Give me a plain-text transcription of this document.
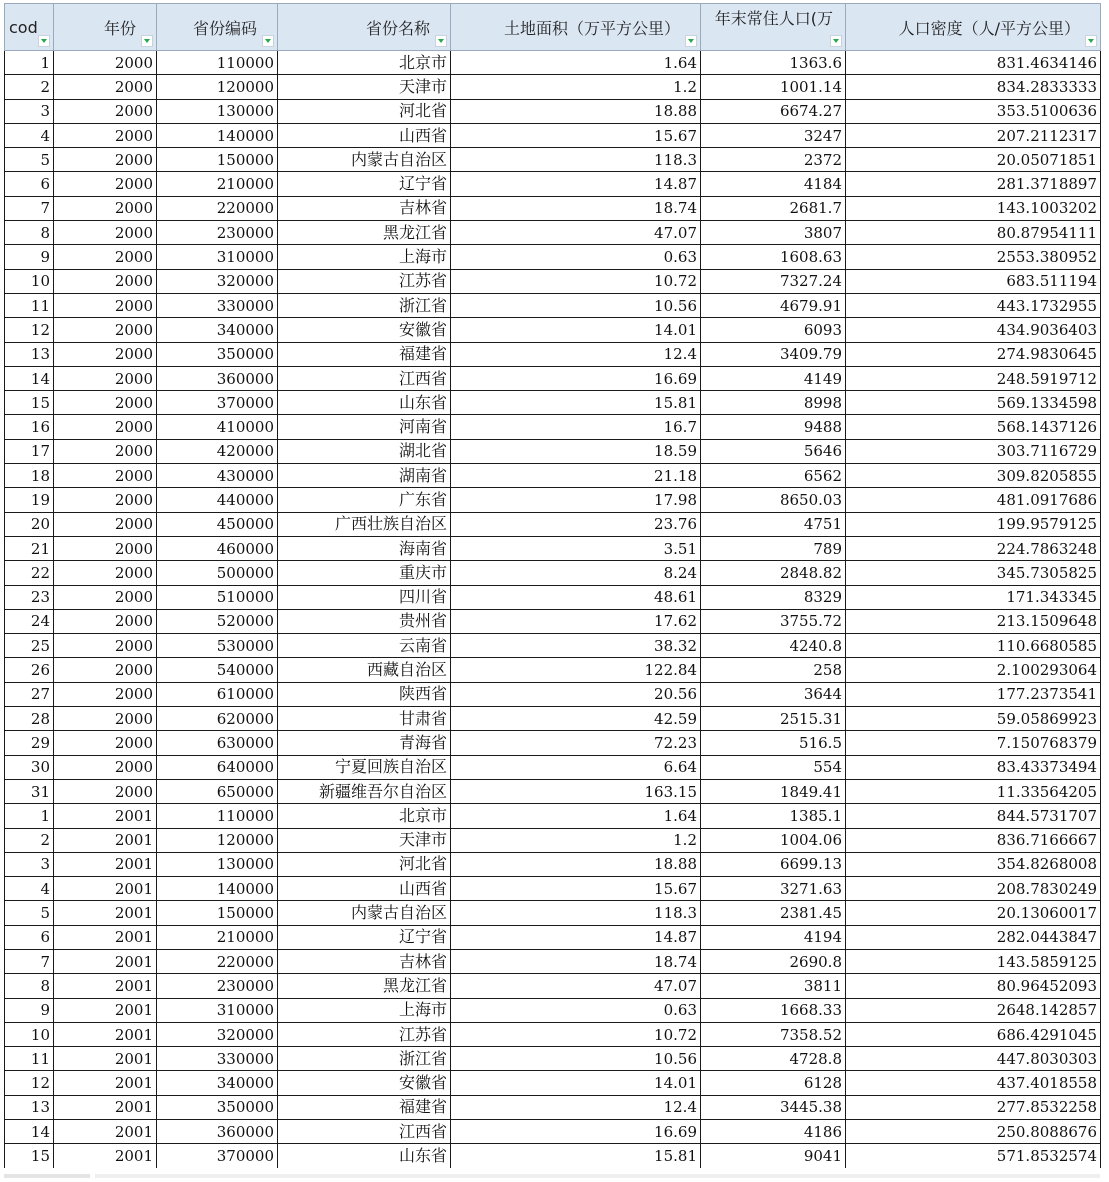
cod	年份	省份编码	省份名称	土地面积（万平方公里）	年末常住人口(万	人口密度（人/平方公里）

1	2000	110000	北京市	1.64	1363.6	831.4634146
2	2000	120000	天津市	1.2	1001.14	834.2833333
3	2000	130000	河北省	18.88	6674.27	353.5100636
4	2000	140000	山西省	15.67	3247	207.2112317
5	2000	150000	内蒙古自治区	118.3	2372	20.05071851
6	2000	210000	辽宁省	14.87	4184	281.3718897
7	2000	220000	吉林省	18.74	2681.7	143.1003202
8	2000	230000	黑龙江省	47.07	3807	80.87954111
9	2000	310000	上海市	0.63	1608.63	2553.380952
10	2000	320000	江苏省	10.72	7327.24	683.511194
11	2000	330000	浙江省	10.56	4679.91	443.1732955
12	2000	340000	安徽省	14.01	6093	434.9036403
13	2000	350000	福建省	12.4	3409.79	274.9830645
14	2000	360000	江西省	16.69	4149	248.5919712
15	2000	370000	山东省	15.81	8998	569.1334598
16	2000	410000	河南省	16.7	9488	568.1437126
17	2000	420000	湖北省	18.59	5646	303.7116729
18	2000	430000	湖南省	21.18	6562	309.8205855
19	2000	440000	广东省	17.98	8650.03	481.0917686
20	2000	450000	广西壮族自治区	23.76	4751	199.9579125
21	2000	460000	海南省	3.51	789	224.7863248
22	2000	500000	重庆市	8.24	2848.82	345.7305825
23	2000	510000	四川省	48.61	8329	171.343345
24	2000	520000	贵州省	17.62	3755.72	213.1509648
25	2000	530000	云南省	38.32	4240.8	110.6680585
26	2000	540000	西藏自治区	122.84	258	2.100293064
27	2000	610000	陕西省	20.56	3644	177.2373541
28	2000	620000	甘肃省	42.59	2515.31	59.05869923
29	2000	630000	青海省	72.23	516.5	7.150768379
30	2000	640000	宁夏回族自治区	6.64	554	83.43373494
31	2000	650000	新疆维吾尔自治区	163.15	1849.41	11.33564205
1	2001	110000	北京市	1.64	1385.1	844.5731707
2	2001	120000	天津市	1.2	1004.06	836.7166667
3	2001	130000	河北省	18.88	6699.13	354.8268008
4	2001	140000	山西省	15.67	3271.63	208.7830249
5	2001	150000	内蒙古自治区	118.3	2381.45	20.13060017
6	2001	210000	辽宁省	14.87	4194	282.0443847
7	2001	220000	吉林省	18.74	2690.8	143.5859125
8	2001	230000	黑龙江省	47.07	3811	80.96452093
9	2001	310000	上海市	0.63	1668.33	2648.142857
10	2001	320000	江苏省	10.72	7358.52	686.4291045
11	2001	330000	浙江省	10.56	4728.8	447.8030303
12	2001	340000	安徽省	14.01	6128	437.4018558
13	2001	350000	福建省	12.4	3445.38	277.8532258
14	2001	360000	江西省	16.69	4186	250.8088676
15	2001	370000	山东省	15.81	9041	571.8532574
